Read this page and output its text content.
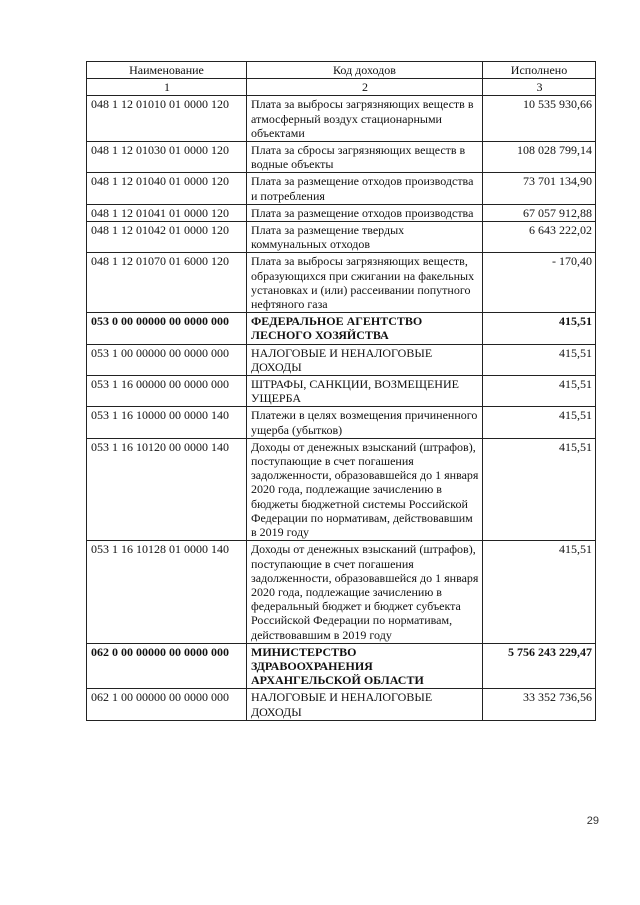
Наименование	Код доходов	Исполнено
1	2	3
048 1 12 01010 01 0000 120	Плата за выбросы загрязняющих веществ в атмосферный воздух стационарными объектами	10 535 930,66
048 1 12 01030 01 0000 120	Плата за сбросы загрязняющих веществ в водные объекты	108 028 799,14
048 1 12 01040 01 0000 120	Плата за размещение отходов производства и потребления	73 701 134,90
048 1 12 01041 01 0000 120	Плата за размещение отходов производства	67 057 912,88
048 1 12 01042 01 0000 120	Плата за размещение твердых коммунальных отходов	6 643 222,02
048 1 12 01070 01 6000 120	Плата за выбросы загрязняющих веществ, образующихся при сжигании на факельных установках и (или) рассеивании попутного нефтяного газа	- 170,40
053 0 00 00000 00 0000 000	ФЕДЕРАЛЬНОЕ АГЕНТСТВО ЛЕСНОГО ХОЗЯЙСТВА	415,51
053 1 00 00000 00 0000 000	НАЛОГОВЫЕ И НЕНАЛОГОВЫЕ ДОХОДЫ	415,51
053 1 16 00000 00 0000 000	ШТРАФЫ, САНКЦИИ, ВОЗМЕЩЕНИЕ УЩЕРБА	415,51
053 1 16 10000 00 0000 140	Платежи в целях возмещения причиненного ущерба (убытков)	415,51
053 1 16 10120 00 0000 140	Доходы от денежных взысканий (штрафов), поступающие в счет погашения задолженности, образовавшейся до 1 января 2020 года, подлежащие зачислению в бюджеты бюджетной системы Российской Федерации по нормативам, действовавшим в 2019 году	415,51
053 1 16 10128 01 0000 140	Доходы от денежных взысканий (штрафов), поступающие в счет погашения задолженности, образовавшейся до 1 января 2020 года, подлежащие зачислению в федеральный бюджет и бюджет субъекта Российской Федерации по нормативам, действовавшим в 2019 году	415,51
062 0 00 00000 00 0000 000	МИНИСТЕРСТВО ЗДРАВООХРАНЕНИЯ АРХАНГЕЛЬСКОЙ ОБЛАСТИ	5 756 243 229,47
062 1 00 00000 00 0000 000	НАЛОГОВЫЕ И НЕНАЛОГОВЫЕ ДОХОДЫ	33 352 736,56
29
